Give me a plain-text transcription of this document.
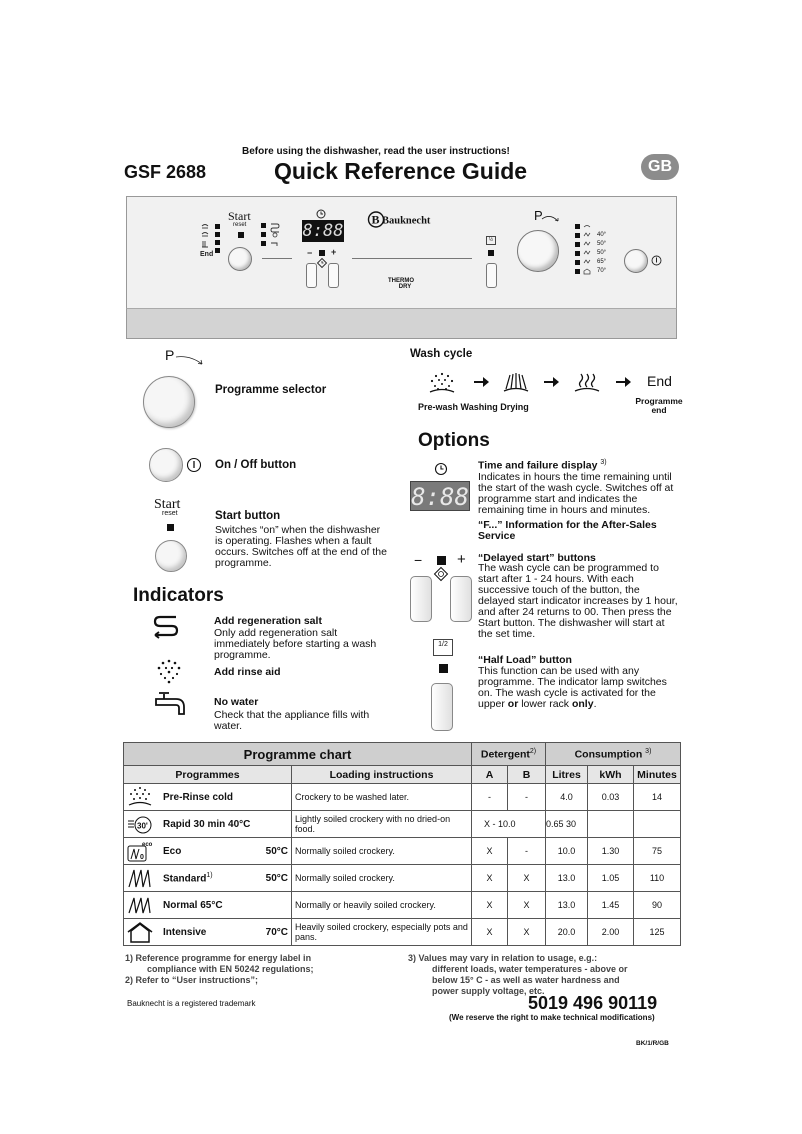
Before using the dishwasher, read the user instructions!
GSF 2688	Quick Reference Guide	GB
End
Start
reset	8:88
− +
B Bauknecht
THERMO
DRY
½
P
40°
50°
50°
65°
70°
P
Programme selector
On / Off button
Start
reset	Start button
Switches “on” when the dishwasher is operating. Flashes when a fault occurs. Switches off at the end of the programme.
Indicators
Add regeneration salt
Only add regeneration salt immediately before starting a wash programme.
Add rinse aid
No water
Check that the appliance fills with water.
Wash cycle
End
Pre-wash Washing Drying
Programme
end
Options
8:88
Time and failure display $^{3)}$
Indicates in hours the time remaining until the start of the wash cycle. Switches off at programme start and indicates the remaining time in hours and minutes.
“F...” Information for the After-Sales Service
− + “Delayed start” buttons
The wash cycle can be programmed to start after 1 - 24 hours. With each successive touch of the button, the delayed start indicator increases by 1 hour, and after 24 returns to 00. Then press the Start button. The dishwasher will start at the set time.
1/2
“Half Load” button
This function can be used with any programme. The indicator lamp switches on. The wash cycle is activated for the upper or lower rack only.
Programme chart		Detergent$^{2)}$		Consumption $^{3)}$
Programmes	Loading instructions	A	B	Litres	kWh	Minutes

Pre-Rinse cold	Crockery to be washed later.	-	-	4.0	0.03	14

30' Rapid 30 min 40°C	Lightly soiled crockery with no dried-on food.	X - 10.0		0.65 30		

eco
0
Eco 50°C	Normally soiled crockery.	X	-	10.0	1.30	75

Standard$^{1)}$ 50°C	Normally soiled crockery.	X	X	13.0	1.05	110

Normal 65°C	Normally or heavily soiled crockery.	X	X	13.0	1.45	90

Intensive 70°C	Heavily soiled crockery, especially pots and pans.	X	X	20.0	2.00	125
1) Reference programme for energy label in
compliance with EN 50242 regulations;
2) Refer to “User instructions”;
3) Values may vary in relation to usage, e.g.:
different loads, water temperatures - above or
below 15° C - as well as water hardness and
power supply voltage, etc.
Bauknecht is a registered trademark	5019 496 90119
(We reserve the right to make technical modifications)
BK/1/R/GB
